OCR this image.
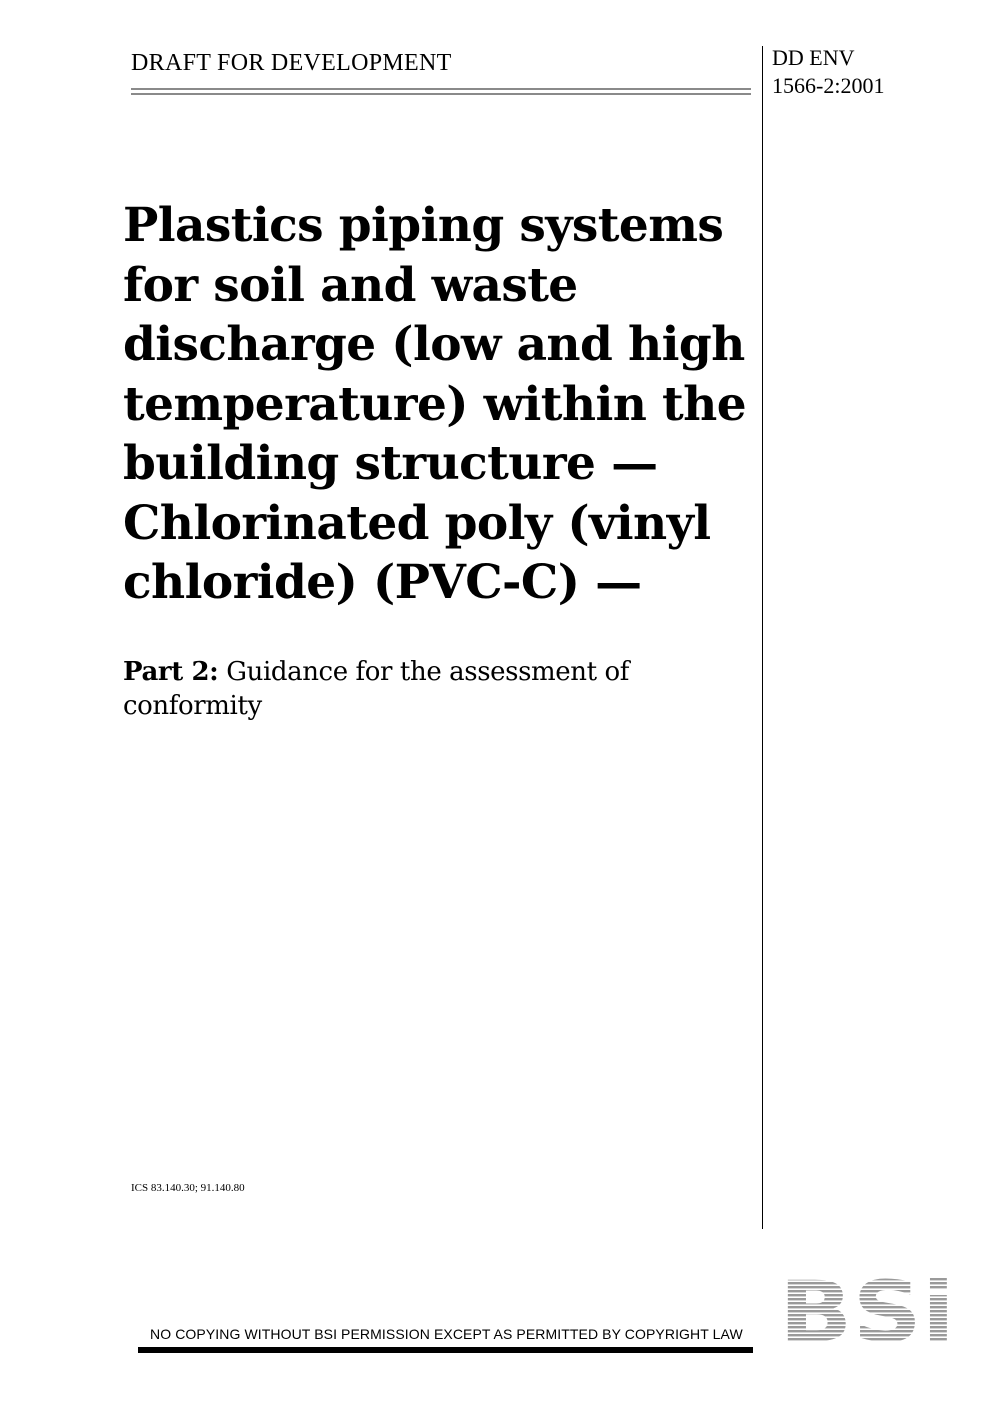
DRAFT FOR DEVELOPMENT	DD ENV
1566-2:2001
Plastics piping systems
for soil and waste
discharge (low and high
temperature) within the
building structure —
Chlorinated poly (vinyl
chloride) (PVC-C) —
Part 2: Guidance for the assessment of
conformity
ICS 83.140.30; 91.140.80
NO COPYING WITHOUT BSI PERMISSION EXCEPT AS PERMITTED BY COPYRIGHT LAW BSi
